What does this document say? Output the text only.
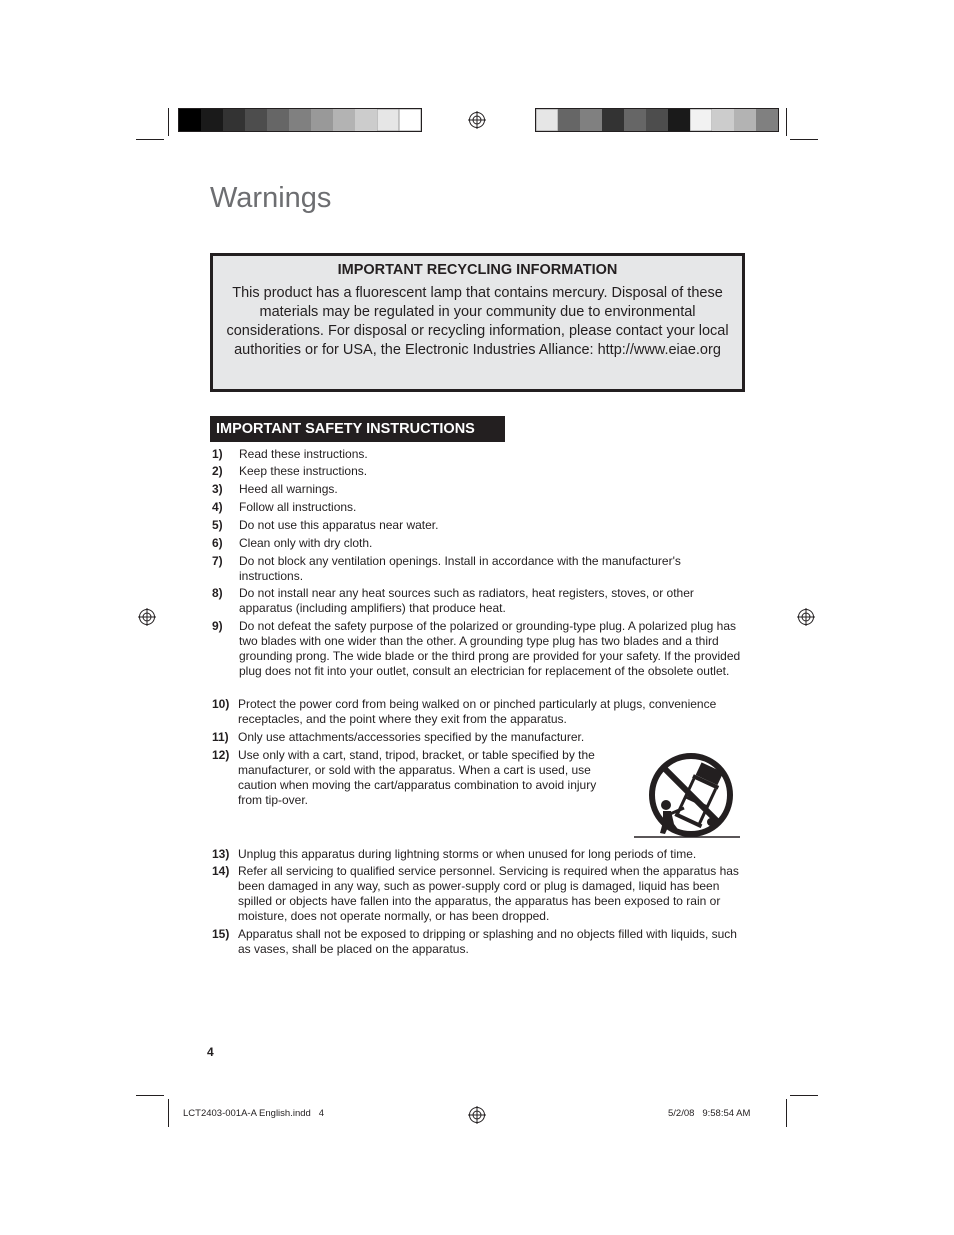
Warnings
IMPORTANT RECYCLING INFORMATION
This product has a fluorescent lamp that contains mercury. Disposal of these materials may be regulated in your community due to environmental considerations. For disposal or recycling information, please contact your local authorities or for USA, the Electronic Industries Alliance: http://www.eiae.org
IMPORTANT SAFETY INSTRUCTIONS
1) Read these instructions.
2) Keep these instructions.
3) Heed all warnings.
4) Follow all instructions.
5) Do not use this apparatus near water.
6) Clean only with dry cloth.
7) Do not block any ventilation openings. Install in accordance with the manufacturer's instructions.
8) Do not install near any heat sources such as radiators, heat registers, stoves, or other apparatus (including amplifiers) that produce heat.
9) Do not defeat the safety purpose of the polarized or grounding-type plug. A polarized plug has two blades with one wider than the other. A grounding type plug has two blades and a third grounding prong. The wide blade or the third prong are provided for your safety. If the provided plug does not fit into your outlet, consult an electrician for replacement of the obsolete outlet.
10) Protect the power cord from being walked on or pinched particularly at plugs, convenience receptacles, and the point where they exit from the apparatus.
11) Only use attachments/accessories specified by the manufacturer.
12) Use only with a cart, stand, tripod, bracket, or table specified by the manufacturer, or sold with the apparatus. When a cart is used, use caution when moving the cart/apparatus combination to avoid injury from tip-over.
13) Unplug this apparatus during lightning storms or when unused for long periods of time.
14) Refer all servicing to qualified service personnel. Servicing is required when the apparatus has been damaged in any way, such as power-supply cord or plug is damaged, liquid has been spilled or objects have fallen into the apparatus, the apparatus has been exposed to rain or moisture, does not operate normally, or has been dropped.
15) Apparatus shall not be exposed to dripping or splashing and no objects filled with liquids, such as vases, shall be placed on the apparatus.
4
LCT2403-001A-A English.indd   4	5/2/08   9:58:54 AM
